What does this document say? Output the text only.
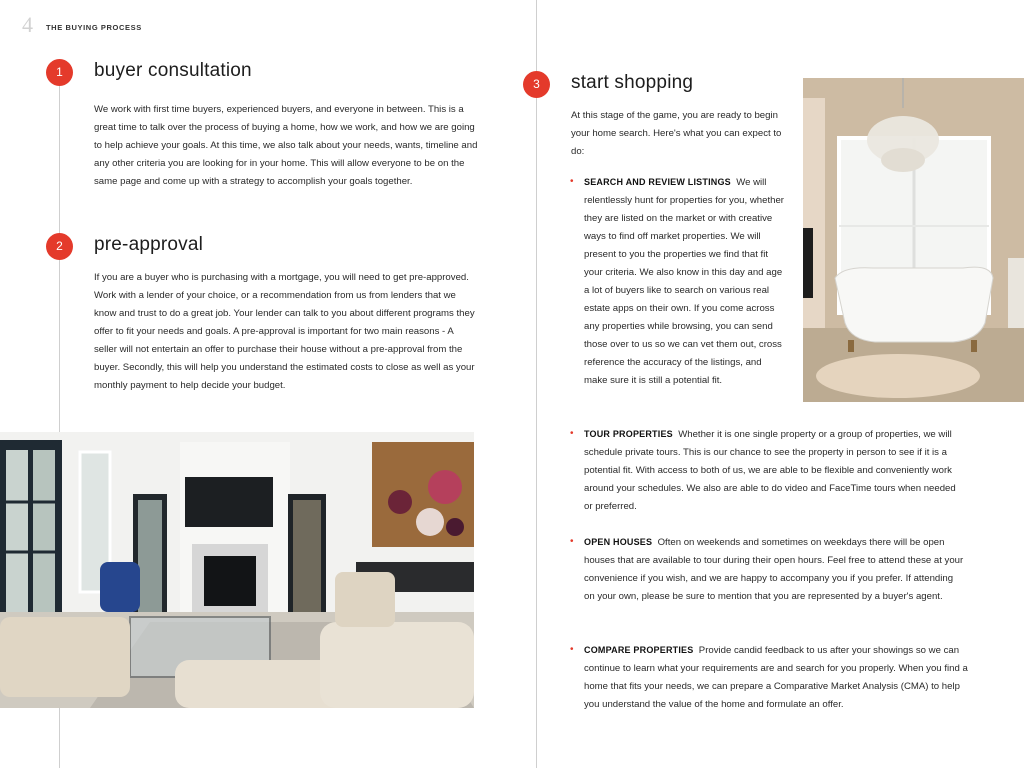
4 THE BUYING PROCESS
1	buyer consultation

We work with first time buyers, experienced buyers, and everyone in between. This is a great time to talk over the process of buying a home, how we work, and how we are going to help achieve your goals. At this time, we also talk about your needs, wants, timeline and any other criteria you are looking for in your home. This will allow everyone to be on the same page and come up with a strategy to accomplish your goals together.

2	pre-approval

If you are a buyer who is purchasing with a mortgage, you will need to get pre-approved. Work with a lender of your choice, or a recommendation from us from lenders that we know and trust to do a great job. Your lender can talk to you about different programs they offer to fit your needs and goals. A pre-approval is important for two main reasons - A seller will not entertain an offer to purchase their house without a pre-approval from the buyer. Secondly, this will help you understand the estimated costs to close as well as your monthly payment to help decide your budget.

3	start shopping

At this stage of the game, you are ready to begin your home search. Here's what you can expect to do:

• SEARCH AND REVIEW LISTINGS We will relentlessly hunt for properties for you, whether they are listed on the market or with creative ways to find off market properties. We will present to you the properties we find that fit your criteria. We also know in this day and age a lot of buyers like to search on various real estate apps on their own. If you come across any properties while browsing, you can send those over to us so we can vet them out, cross reference the accuracy of the listings, and make sure it is still a potential fit.
• TOUR PROPERTIES Whether it is one single property or a group of properties, we will schedule private tours. This is our chance to see the property in person to see if it is a potential fit. With access to both of us, we are able to be flexible and conveniently work around your schedules. We also are able to do video and FaceTime tours when needed or preferred.
• OPEN HOUSES Often on weekends and sometimes on weekdays there will be open houses that are available to tour during their open hours. Feel free to attend these at your convenience if you wish, and we are happy to accompany you if you prefer. If attending on your own, please be sure to mention that you are represented by a buyer's agent.
• COMPARE PROPERTIES Provide candid feedback to us after your showings so we can continue to learn what your requirements are and search for you properly. When you find a home that fits your needs, we can prepare a Comparative Market Analysis (CMA) to help you understand the value of the home and formulate an offer.
